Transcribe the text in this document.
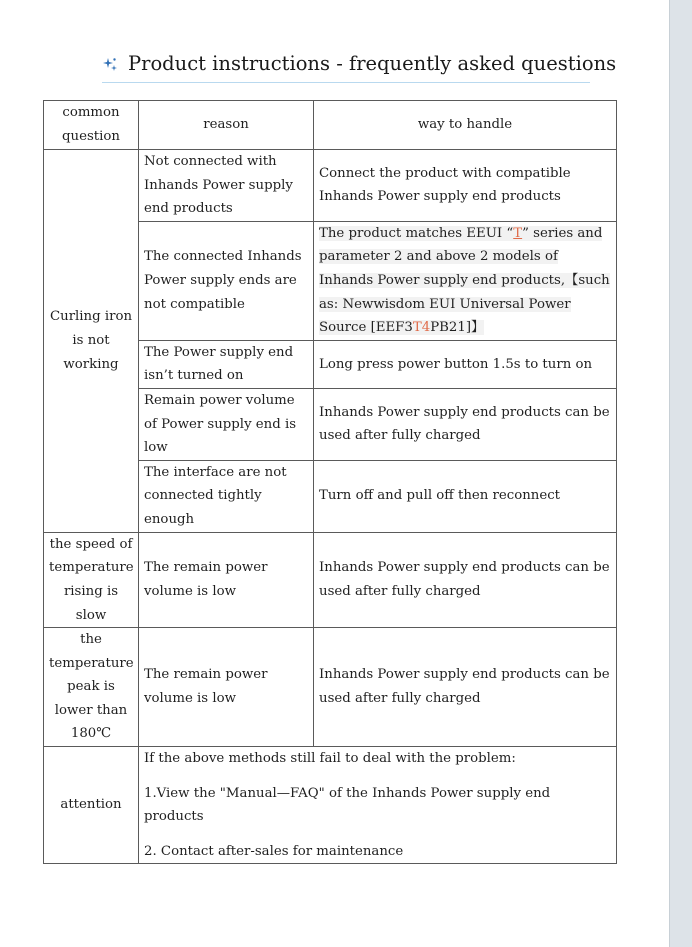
Product instructions - frequently asked questions
common question	reason	way to handle
Curling iron is not working	Not connected with Inhands Power supply end products	Connect the product with compatible Inhands Power supply end products
	The connected Inhands Power supply ends are not compatible	The product matches EEUI “T” series and parameter 2 and above 2 models of Inhands Power supply end products,【such as: Newwisdom EUI Universal Power Source [EEF3T4PB21]】
	The Power supply end isn’t turned on	Long press power button 1.5s to turn on
	Remain power volume of Power supply end is low	Inhands Power supply end products can be used after fully charged
	The interface are not connected tightly enough	Turn off and pull off then reconnect
the speed of temperature rising is slow	The remain power volume is low	Inhands Power supply end products can be used after fully charged
the temperature peak is lower than 180℃	The remain power volume is low	Inhands Power supply end products can be used after fully charged
attention	If the above methods still fail to deal with the problem:

1.View the "Manual—FAQ" of the Inhands Power supply end products

2. Contact after-sales for maintenance	
